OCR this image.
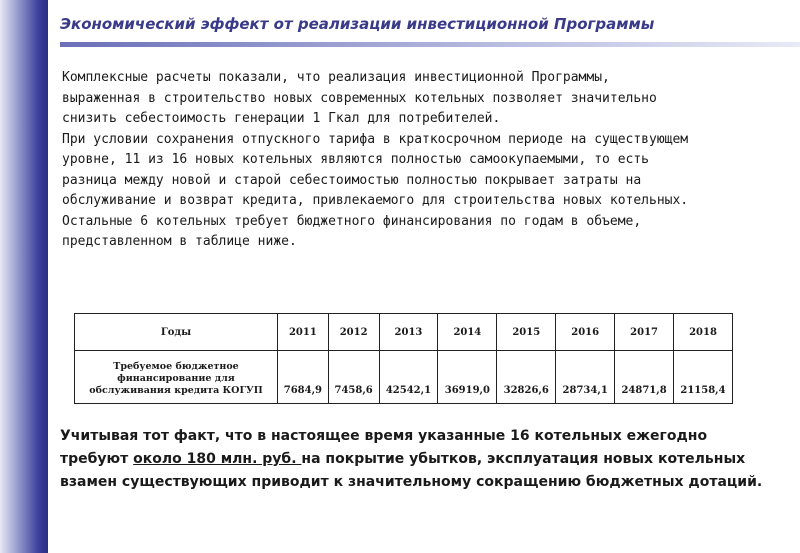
Экономический эффект от реализации инвестиционной Программы

Комплексные расчеты показали, что реализация инвестиционной Программы,

выраженная в строительство новых современных котельных позволяет значительно

снизить себестоимость генерации 1 Гкал для потребителей.

При условии сохранения отпускного тарифа в краткосрочном периоде на существующем

уровне, 11 из 16 новых котельных являются полностью самоокупаемыми, то есть

разница между новой и старой себестоимостью полностью покрывает затраты на

обслуживание и возврат кредита, привлекаемого для строительства новых котельных.

Остальные 6 котельных требует бюджетного финансирования по годам в объеме,

представленном в таблице ниже.

Годы	2011	2012	2013	2014	2015	2016	2017	2018
Требуемое бюджетное финансирование для обслуживания кредита КОГУП	7684,9	7458,6	42542,1	36919,0	32826,6	28734,1	24871,8	21158,4

Учитывая тот факт, что в настоящее время указанные 16 котельных ежегодно требуют около 180 млн. руб. на покрытие убытков, эксплуатация новых котельных взамен существующих приводит к значительному сокращению бюджетных дотаций.
